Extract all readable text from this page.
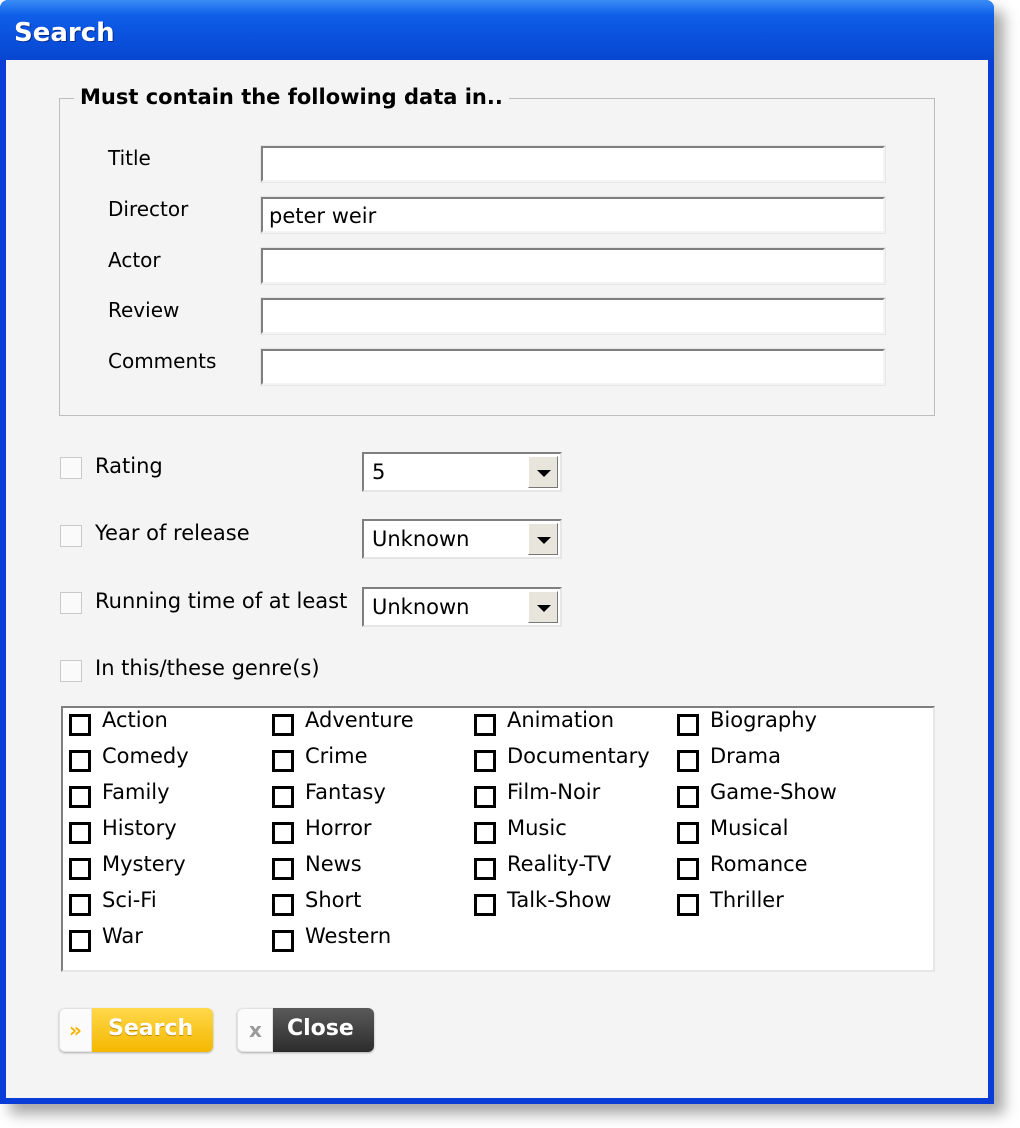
Search
Must contain the following data in..
Title
Director	peter weir
Actor
Review
Comments
Rating	5
Year of release	Unknown
Running time of at least Unknown
In this/these genre(s)
Action	Adventure	Animation	Biography
Comedy	Crime	Documentary	Drama
Family	Fantasy	Film-Noir	Game-Show
History	Horror	Music	Musical
Mystery	News	Reality-TV	Romance
Sci-Fi	Short	Talk-Show	Thriller
War	Western
» Search	x Close
